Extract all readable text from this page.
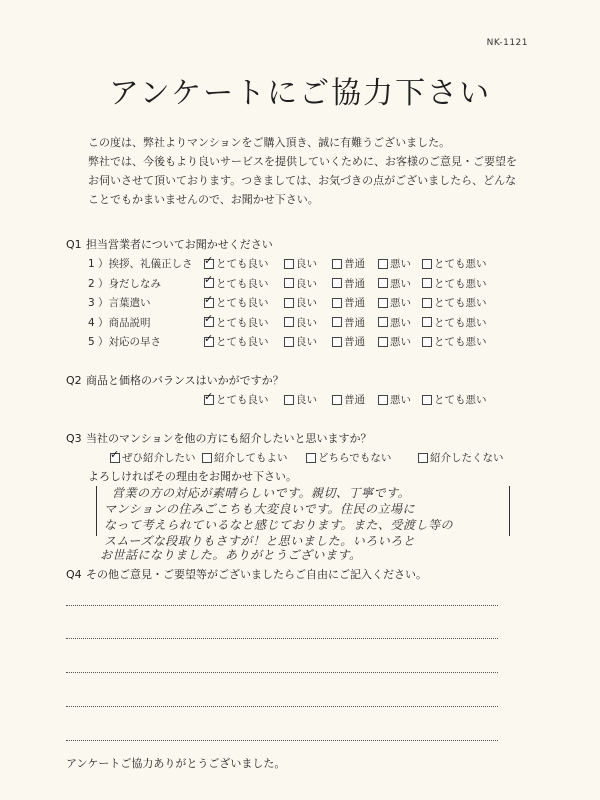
NK-1121
アンケートにご協力下さい

この度は、弊社よりマンションをご購入頂き、誠に有難うございました。

弊社では、今後もより良いサービスを提供していくために、お客様のご意見・ご要望を

お伺いさせて頂いております。つきましては、お気づきの点がございましたら、どんな

ことでもかまいませんので、お聞かせ下さい。

Q1 担当営業者についてお聞かせください
1 ）挨拶、礼儀正しさ ✓ とても良い	良い	普通 悪い とても悪い
2 ）身だしなみ ✓	とても良い	良い	普通 悪い とても悪い
3 ）言葉遣い ✓	とても良い	良い	普通 悪い とても悪い
4 ）商品説明 ✓	とても良い	良い	普通 悪い とても悪い
5 ）対応の早さ ✓	とても良い	良い	普通 悪い とても悪い
Q2 商品と価格のバランスはいかがですか？
✓
とても良い	良い	普通 悪い とても悪い
Q3 当社のマンションを他の方にも紹介したいと思いますか？
✓
ぜひ紹介したい 紹介してもよい	どちらでもない	紹介したくない
よろしければその理由をお聞かせ下さい。
営業の方の対応が素晴らしいです。親切、丁寧です。
マンションの住みごこちも大変良いです。住民の立場に
なって考えられているなと感じております。また、受渡し等の
スムーズな段取りもさすが！と思いました。いろいろと
お世話になりました。ありがとうございます。
Q4 その他ご意見・ご要望等がございましたらご自由にご記入ください。
アンケートご協力ありがとうございました。
